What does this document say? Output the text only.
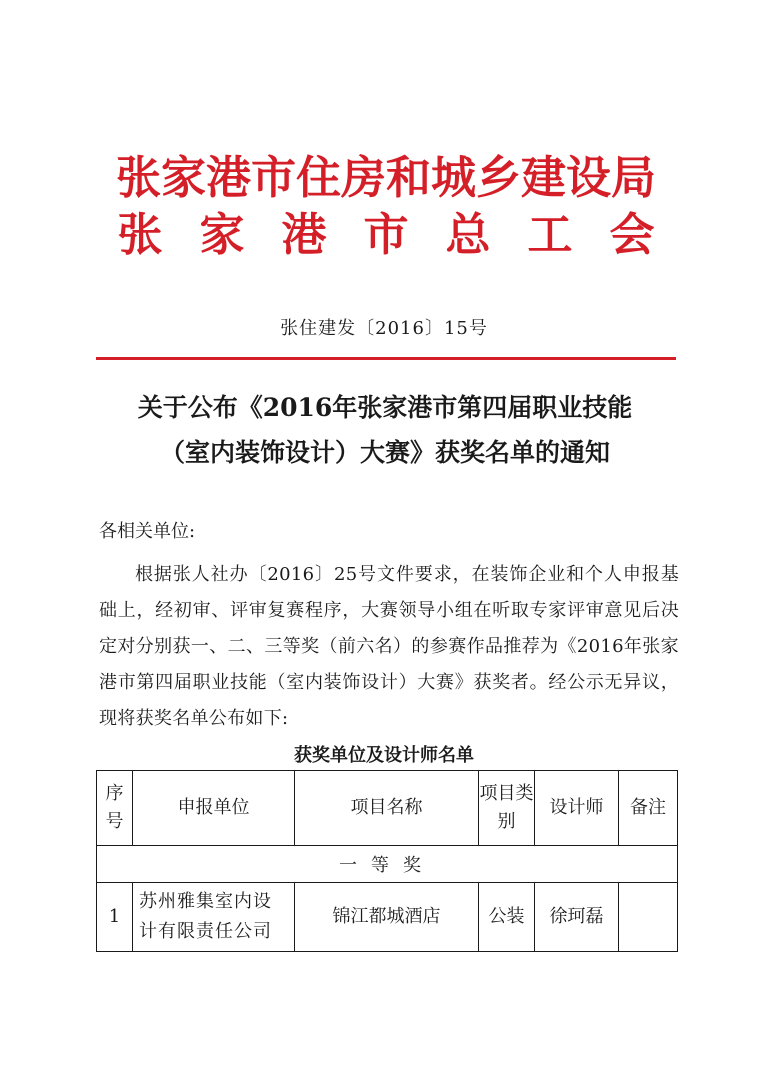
张家港市住房和城乡建设局
张 家 港 市 总 工 会
张住建发〔2016〕15号
关于公布《2016年张家港市第四届职业技能
（室内装饰设计）大赛》获奖名单的通知
各相关单位:
根据张人社办〔2016〕25号文件要求，在装饰企业和个人申报基础上，经初审、评审复赛程序，大赛领导小组在听取专家评审意见后决定对分别获一、二、三等奖（前六名）的参赛作品推荐为《2016年张家港市第四届职业技能（室内装饰设计）大赛》获奖者。经公示无异议，现将获奖名单公布如下:
获奖单位及设计师名单
序号	申报单位	项目名称	项目类别	设计师	备注
一等奖					
1	苏州雅集室内设计有限责任公司	锦江都城酒店	公装	徐珂磊	
